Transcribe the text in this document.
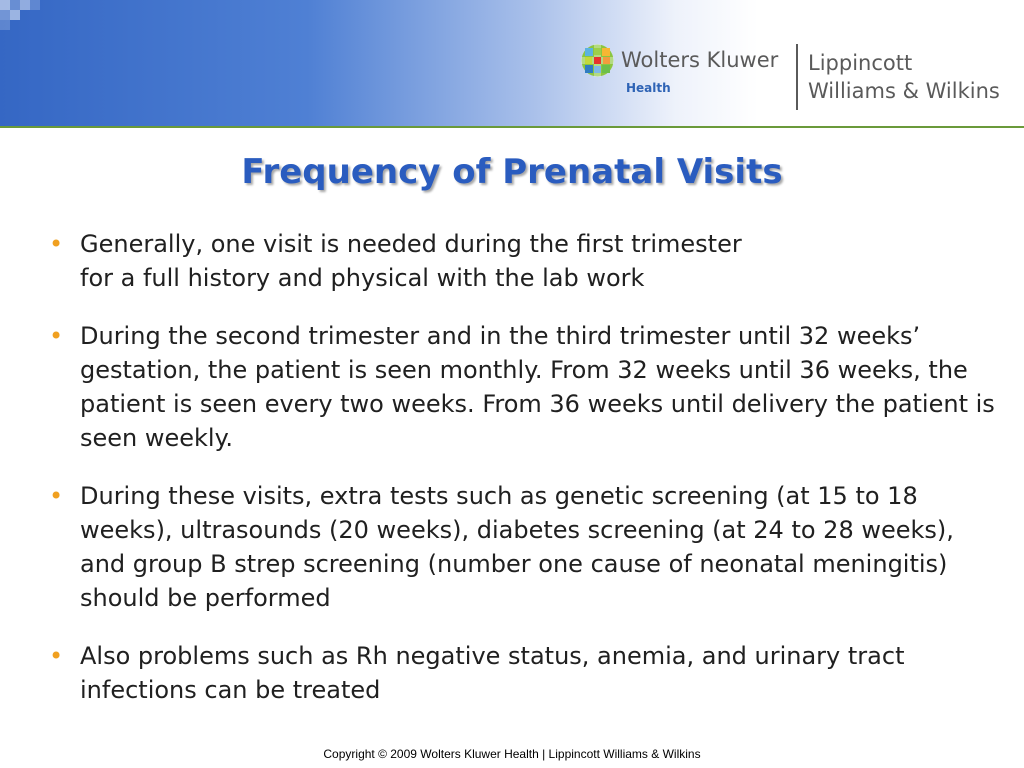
Wolters Kluwer
Health
Lippincott
Williams & Wilkins
Frequency of Prenatal Visits
• Generally, one visit is needed during the first trimester
for a full history and physical with the lab work
• During the second trimester and in the third trimester until 32 weeks’ gestation, the patient is seen monthly. From 32 weeks until 36 weeks, the patient is seen every two weeks. From 36 weeks until delivery the patient is seen weekly.
• During these visits, extra tests such as genetic screening (at 15 to 18 weeks), ultrasounds (20 weeks), diabetes screening (at 24 to 28 weeks), and group B strep screening (number one cause of neonatal meningitis) should be performed
• Also problems such as Rh negative status, anemia, and urinary tract infections can be treated
Copyright © 2009 Wolters Kluwer Health | Lippincott Williams & Wilkins
